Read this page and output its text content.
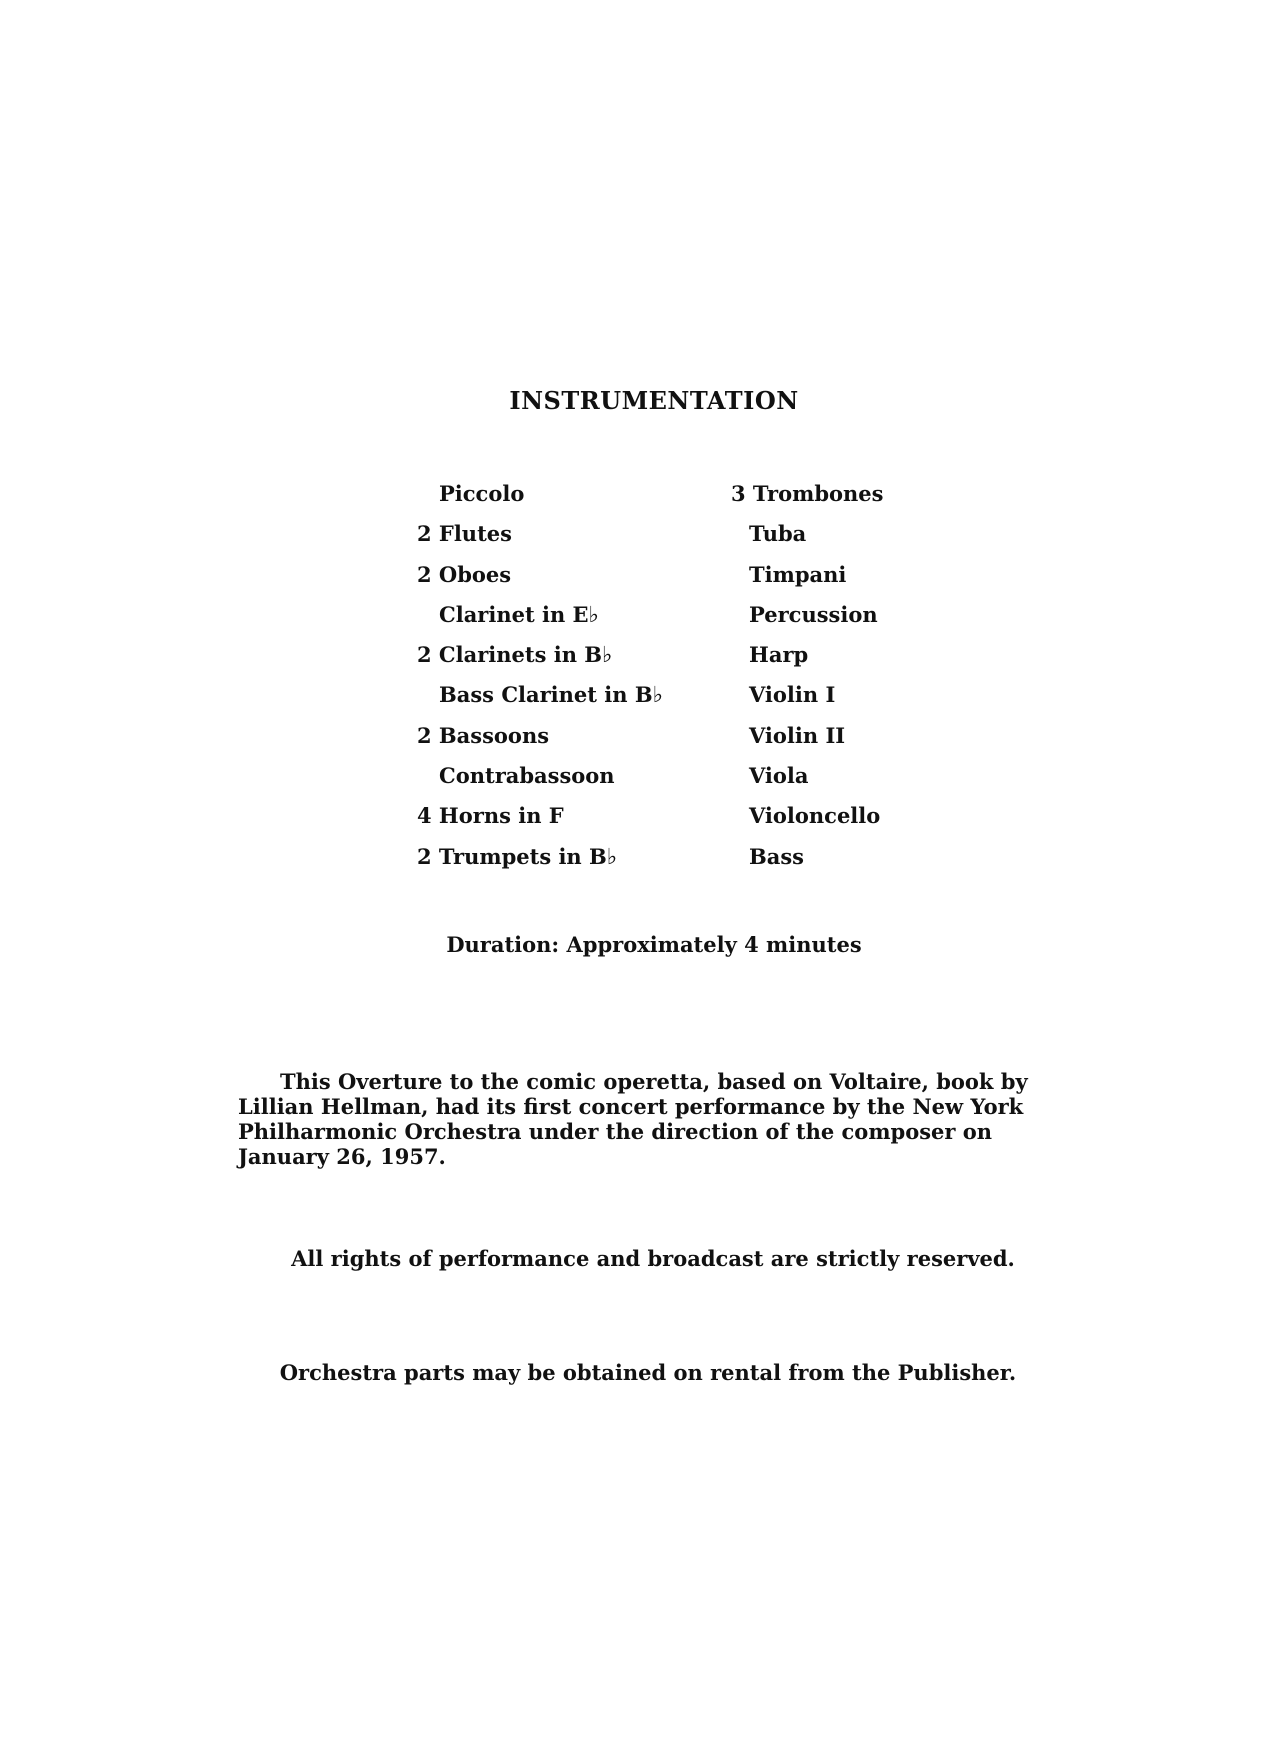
INSTRUMENTATION
Piccolo
2 Flutes
2 Oboes
Clarinet in E♭
2 Clarinets in B♭
Bass Clarinet in B♭
2 Bassoons
Contrabassoon
4 Horns in F
2 Trumpets in B♭
3 Trombones
Tuba
Timpani
Percussion
Harp
Violin I
Violin II
Viola
Violoncello
Bass
Duration: Approximately 4 minutes

This Overture to the comic operetta, based on Voltaire, book by Lillian Hellman, had its first concert performance by the New York Philharmonic Orchestra under the direction of the composer on January 26, 1957.

All rights of performance and broadcast are strictly reserved.
Orchestra parts may be obtained on rental from the Publisher.
